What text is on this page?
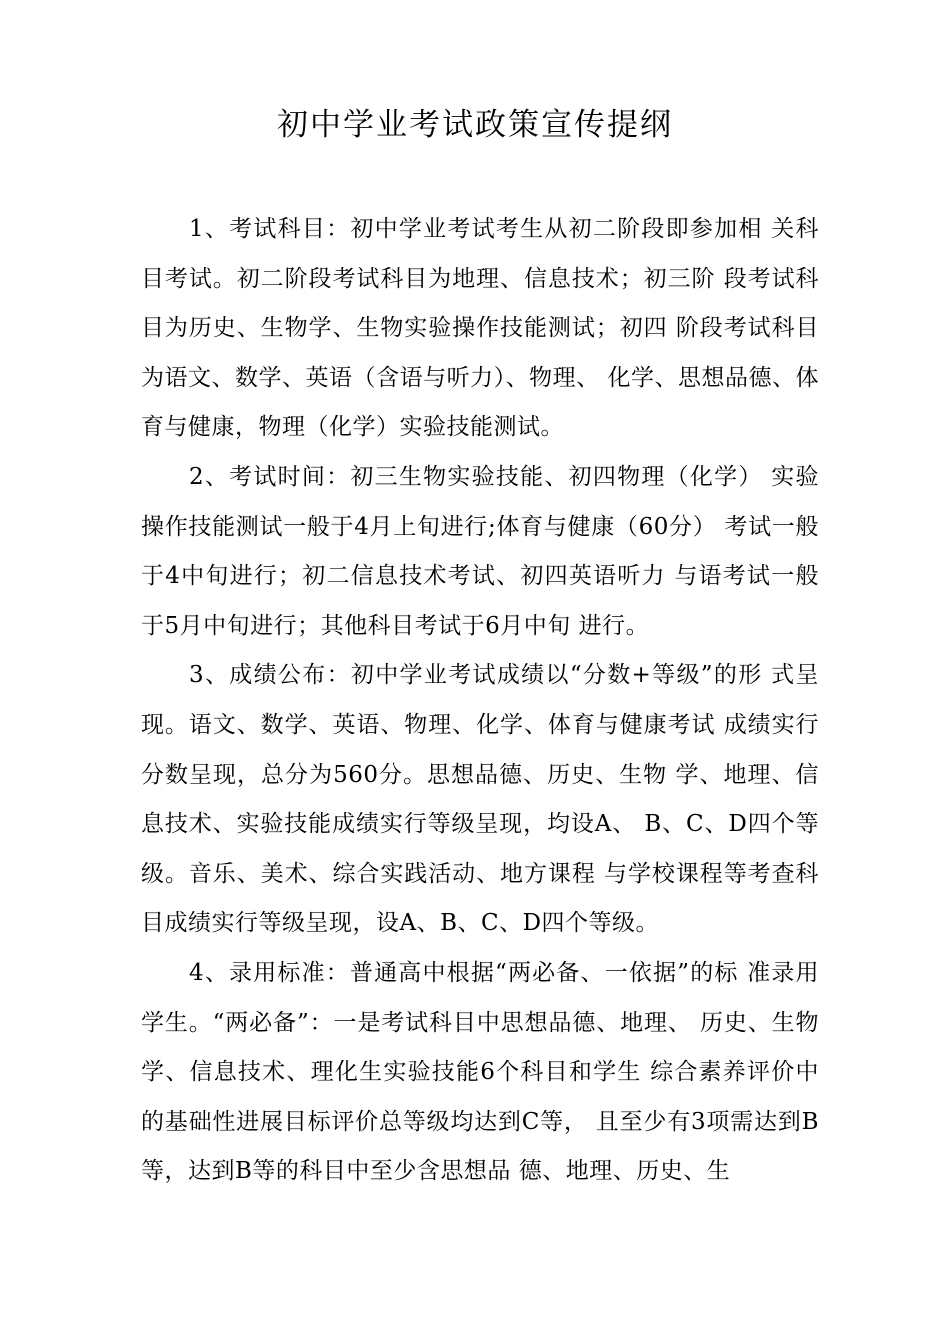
初中学业考试政策宣传提纲

1、考试科目：初中学业考试考生从初二阶段即参加相 关科目考试。初二阶段考试科目为地理、信息技术；初三阶 段考试科目为历史、生物学、生物实验操作技能测试；初四 阶段考试科目为语文、数学、英语（含语与听力）、物理、 化学、思想品德、体育与健康，物理（化学）实验技能测试。

2、考试时间：初三生物实验技能、初四物理（化学） 实验操作技能测试一般于4月上旬进行;体育与健康（60分） 考试一般于4中旬进行；初二信息技术考试、初四英语听力 与语考试一般于5月中旬进行；其他科目考试于6月中旬 进行。

3、成绩公布：初中学业考试成绩以“分数+等级”的形 式呈现。语文、数学、英语、物理、化学、体育与健康考试 成绩实行分数呈现，总分为560分。思想品德、历史、生物 学、地理、信息技术、实验技能成绩实行等级呈现，均设A、 B、C、D四个等级。音乐、美术、综合实践活动、地方课程 与学校课程等考查科目成绩实行等级呈现，设A、B、C、D四个等级。

4、录用标准：普通高中根据“两必备、一依据”的标 准录用学生。“两必备”：一是考试科目中思想品德、地理、 历史、生物学、信息技术、理化生实验技能6个科目和学生 综合素养评价中的基础性进展目标评价总等级均达到C等， 且至少有3项需达到B等，达到B等的科目中至少含思想品 德、地理、历史、生
